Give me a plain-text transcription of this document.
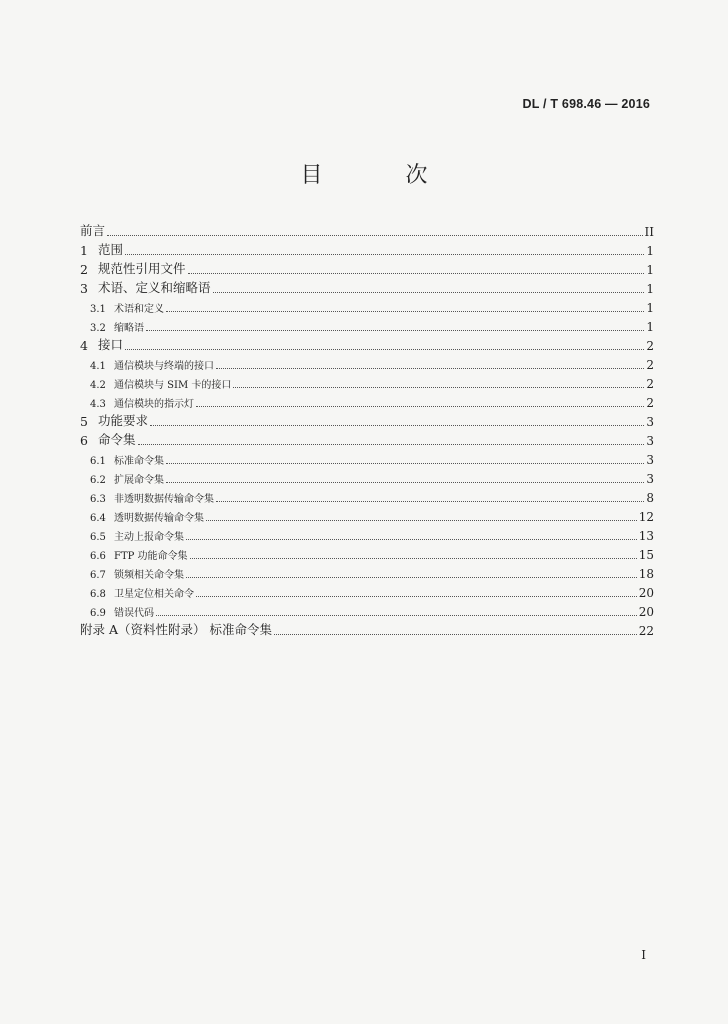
DL / T 698.46 — 2016
目 次
前言	II
1 范围	1
2 规范性引用文件	1
3 术语、定义和缩略语	1
3.1 术语和定义	1
3.2 缩略语	1
4 接口	2
4.1 通信模块与终端的接口	2
4.2 通信模块与 SIM 卡的接口	2
4.3 通信模块的指示灯	2
5 功能要求	3
6 命令集	3
6.1 标准命令集	3
6.2 扩展命令集	3
6.3 非透明数据传输命令集	8
6.4 透明数据传输命令集	12
6.5 主动上报命令集	13
6.6 FTP 功能命令集	15
6.7 锁频相关命令集	18
6.8 卫星定位相关命令	20
6.9 错误代码	20
附录 A（资料性附录） 标准命令集	22
I
